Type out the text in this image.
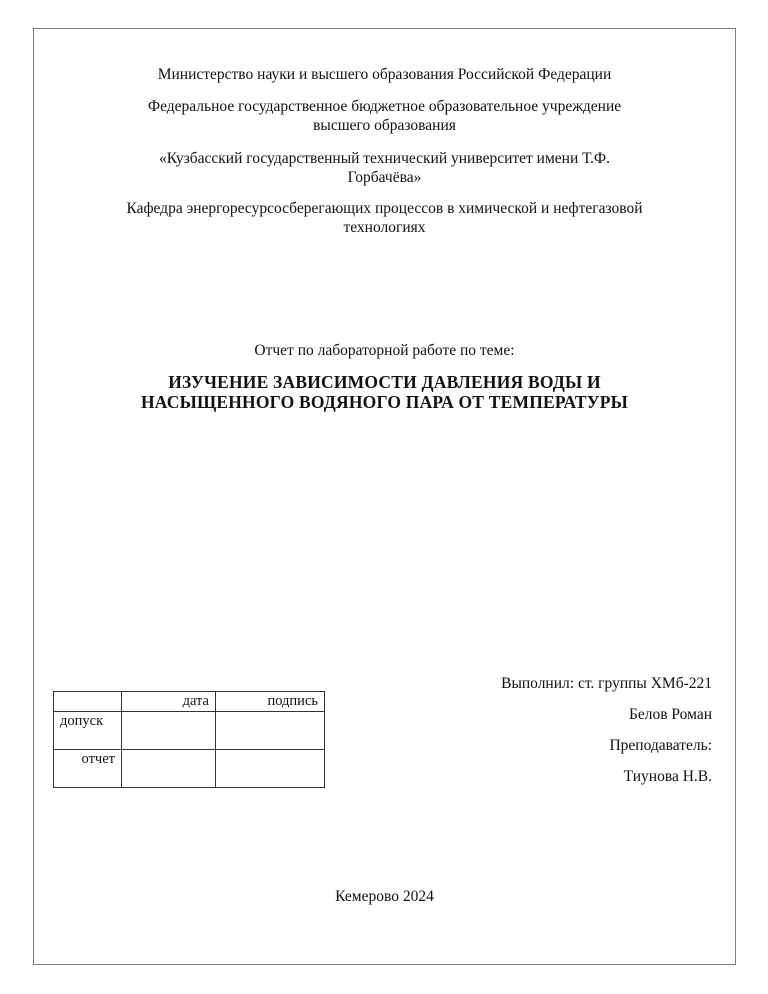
Министерство науки и высшего образования Российской Федерации
Федеральное государственное бюджетное образовательное учреждение
высшего образования
«Кузбасский государственный технический университет имени Т.Ф.
Горбачёва»
Кафедра энергоресурсосберегающих процессов в химической и нефтегазовой
технологиях
Отчет по лабораторной работе по теме:
ИЗУЧЕНИЕ ЗАВИСИМОСТИ ДАВЛЕНИЯ ВОДЫ И
НАСЫЩЕННОГО ВОДЯНОГО ПАРА ОТ ТЕМПЕРАТУРЫ
Выполнил: ст. группы ХМб-221
Белов Роман
Преподаватель:
Тиунова Н.В.
	дата	подпись
допуск		
отчет		
Кемерово 2024
